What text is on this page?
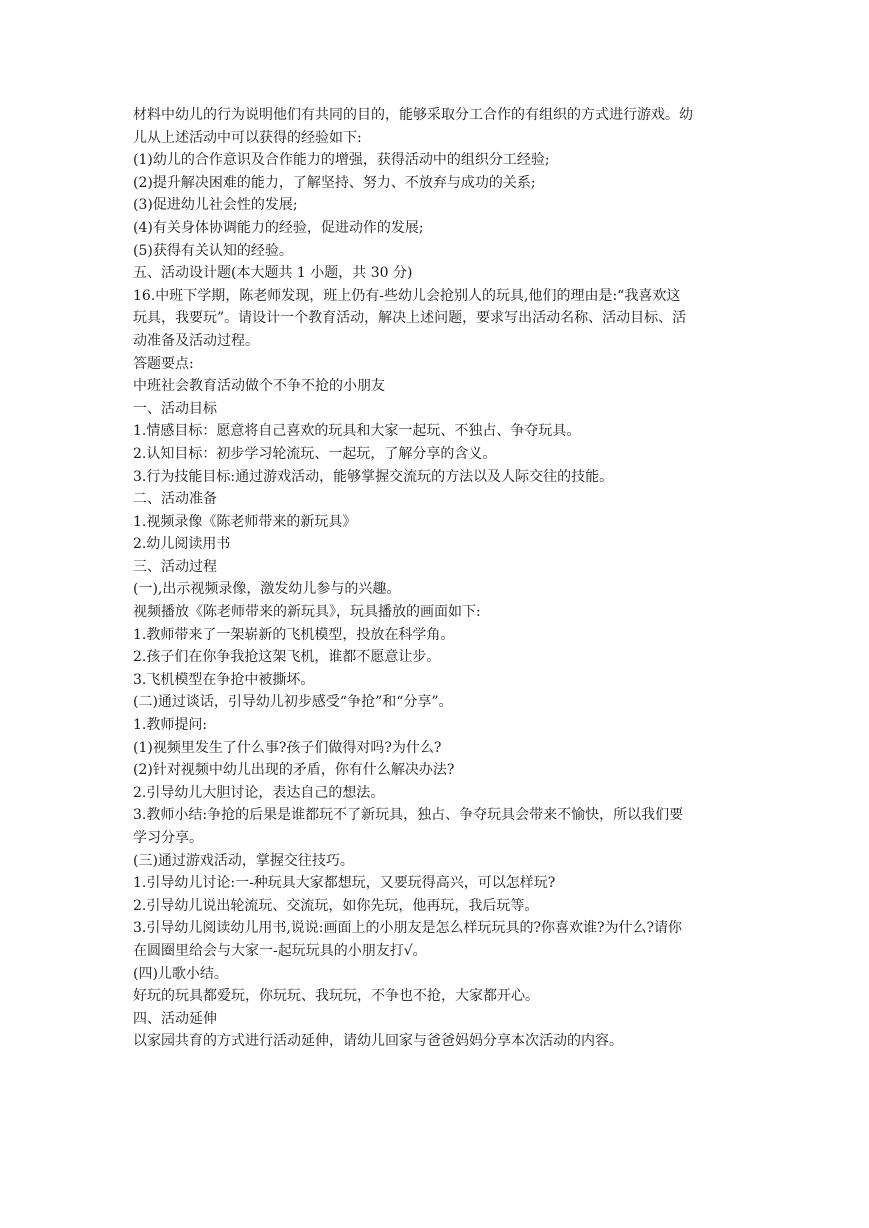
材料中幼儿的行为说明他们有共同的目的，能够采取分工合作的有组织的方式进行游戏。幼
儿从上述活动中可以获得的经验如下:
(1)幼儿的合作意识及合作能力的增强，获得活动中的组织分工经验;
(2)提升解决困难的能力，了解坚持、努力、不放弃与成功的关系;
(3)促进幼儿社会性的发展;
(4)有关身体协调能力的经验，促进动作的发展;
(5)获得有关认知的经验。
五、活动设计题(本大题共 1 小题，共 30 分)
16.中班下学期，陈老师发现，班上仍有-些幼儿会抢别人的玩具,他们的理由是:“我喜欢这
玩具，我要玩”。请设计一个教育活动，解决上述问题，要求写出活动名称、活动目标、活
动准备及活动过程。
答题要点:
中班社会教育活动做个不争不抢的小朋友
一、活动目标
1.情感目标：愿意将自己喜欢的玩具和大家一起玩、不独占、争夺玩具。
2.认知目标：初步学习轮流玩、一起玩，了解分享的含义。
3.行为技能目标:通过游戏活动，能够掌握交流玩的方法以及人际交往的技能。
二、活动准备
1.视频录像《陈老师带来的新玩具》
2.幼儿阅读用书
三、活动过程
(一),出示视频录像，激发幼儿参与的兴趣。
视频播放《陈老师带来的新玩具》，玩具播放的画面如下:
1.教师带来了一架崭新的飞机模型，投放在科学角。
2.孩子们在你争我抢这架飞机，谁都不愿意让步。
3.飞机模型在争抢中被撕坏。
(二)通过谈话，引导幼儿初步感受“争抢”和“分享”。
1.教师提问:
(1)视频里发生了什么事?孩子们做得对吗?为什么?
(2)针对视频中幼儿出现的矛盾，你有什么解决办法?
2.引导幼儿大胆讨论，表达自己的想法。
3.教师小结:争抢的后果是谁都玩不了新玩具，独占、争夺玩具会带来不愉快，所以我们要
学习分享。
(三)通过游戏活动，掌握交往技巧。
1.引导幼儿讨论:一-种玩具大家都想玩，又要玩得高兴，可以怎样玩?
2.引导幼儿说出轮流玩、交流玩，如你先玩，他再玩，我后玩等。
3.引导幼儿阅读幼儿用书,说说:画面上的小朋友是怎么样玩玩具的?你喜欢谁?为什么?请你
在圆圈里给会与大家一-起玩玩具的小朋友打√。
(四)儿歌小结。
好玩的玩具都爱玩，你玩玩、我玩玩，不争也不抢，大家都开心。
四、活动延伸
以家园共育的方式进行活动延伸，请幼儿回家与爸爸妈妈分享本次活动的内容。
